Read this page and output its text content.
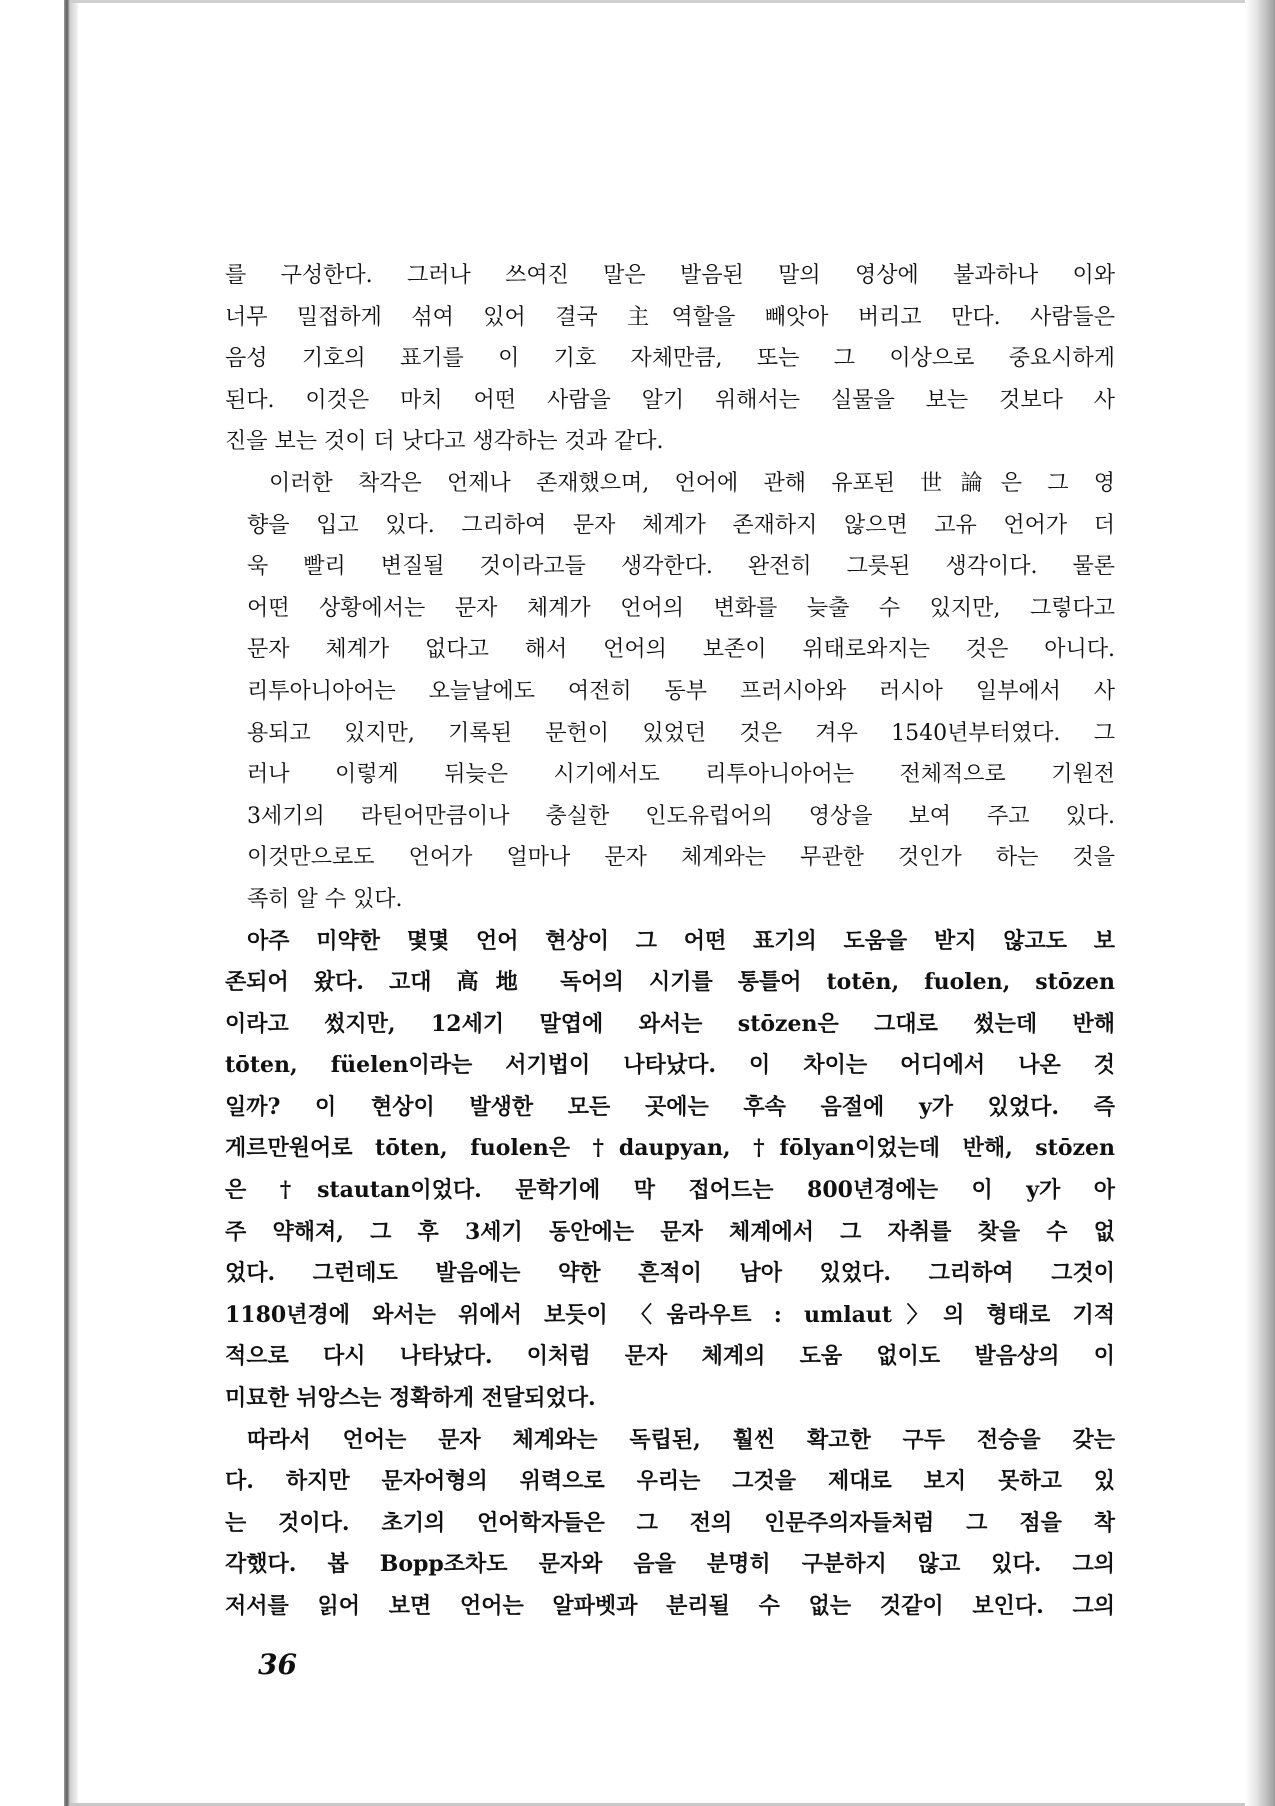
를 구성한다. 그러나 쓰여진 말은 발음된 말의 영상에 불과하나 이와
너무 밀접하게 섞여 있어 결국 主역할을 빼앗아 버리고 만다. 사람들은
음성 기호의 표기를 이 기호 자체만큼, 또는 그 이상으로 중요시하게
된다. 이것은 마치 어떤 사람을 알기 위해서는 실물을 보는 것보다 사
진을 보는 것이 더 낫다고 생각하는 것과 같다.

이러한 착각은 언제나 존재했으며, 언어에 관해 유포된 世論은 그 영
향을 입고 있다. 그리하여 문자 체계가 존재하지 않으면 고유 언어가 더
욱 빨리 변질될 것이라고들 생각한다. 완전히 그릇된 생각이다. 물론
어떤 상황에서는 문자 체계가 언어의 변화를 늦출 수 있지만, 그렇다고
문자 체계가 없다고 해서 언어의 보존이 위태로와지는 것은 아니다.
리투아니아어는 오늘날에도 여전히 동부 프러시아와 러시아 일부에서 사
용되고 있지만, 기록된 문헌이 있었던 것은 겨우 1540년부터였다. 그
러나 이렇게 뒤늦은 시기에서도 리투아니아어는 전체적으로 기원전
3세기의 라틴어만큼이나 충실한 인도유럽어의 영상을 보여 주고 있다.
이것만으로도 언어가 얼마나 문자 체계와는 무관한 것인가 하는 것을
족히 알 수 있다.

아주 미약한 몇몇 언어 현상이 그 어떤 표기의 도움을 받지 않고도 보
존되어 왔다. 고대 高地 독어의 시기를 통틀어 totēn, fuolen, stōzen
이라고 썼지만, 12세기 말엽에 와서는 stōzen은 그대로 썼는데 반해
tōten, füelen이라는 서기법이 나타났다. 이 차이는 어디에서 나온 것
일까? 이 현상이 발생한 모든 곳에는 후속 음절에 y가 있었다. 즉
게르만원어로 tōten, fuolen은 †daupyan, †fōlyan이었는데 반해, stōzen
은 †stautan이었다. 문학기에 막 접어드는 800년경에는 이 y가 아
주 약해져, 그 후 3세기 동안에는 문자 체계에서 그 자취를 찾을 수 없
었다. 그런데도 발음에는 약한 흔적이 남아 있었다. 그리하여 그것이
1180년경에 와서는 위에서 보듯이 〈움라우트 : umlaut〉의 형태로 기적
적으로 다시 나타났다. 이처럼 문자 체계의 도움 없이도 발음상의 이
미묘한 뉘앙스는 정확하게 전달되었다.

따라서 언어는 문자 체계와는 독립된, 훨씬 확고한 구두 전승을 갖는
다. 하지만 문자어형의 위력으로 우리는 그것을 제대로 보지 못하고 있
는 것이다. 초기의 언어학자들은 그 전의 인문주의자들처럼 그 점을 착
각했다. 봅 Bopp조차도 문자와 음을 분명히 구분하지 않고 있다. 그의
저서를 읽어 보면 언어는 알파벳과 분리될 수 없는 것같이 보인다. 그의

36
